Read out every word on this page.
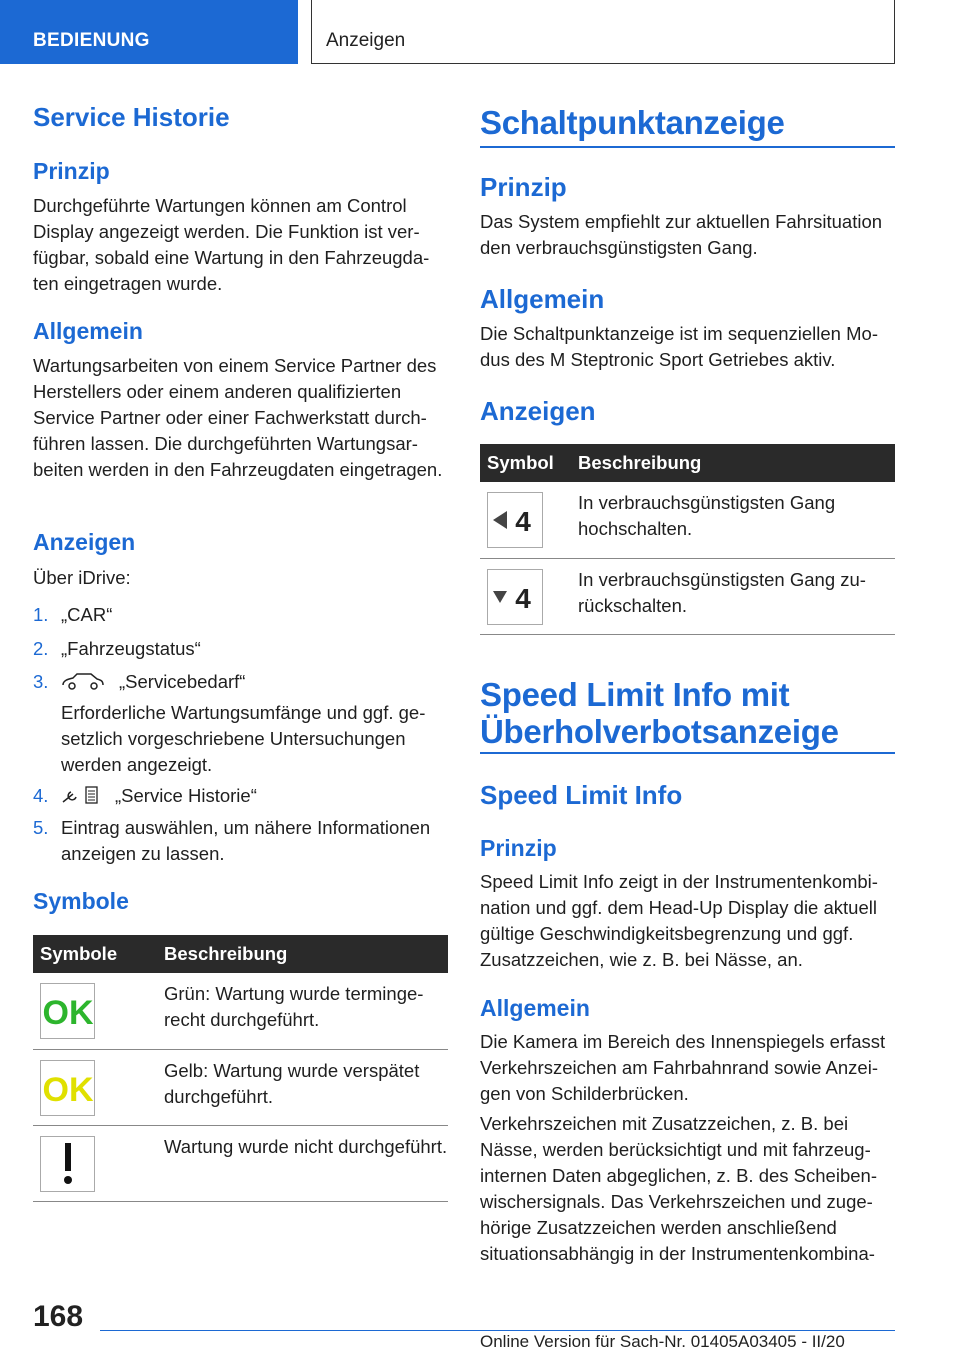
BEDIENUNG	Anzeigen
Service Historie
Prinzip
Durchgeführte Wartungen können am Control Display angezeigt werden. Die Funktion ist verfügbar, sobald eine Wartung in den Fahrzeugdaten eingetragen wurde.
Allgemein
Wartungsarbeiten von einem Service Partner des Herstellers oder einem anderen qualifizierten Service Partner oder einer Fachwerkstatt durchführen lassen. Die durchgeführten Wartungsarbeiten werden in den Fahrzeugdaten eingetragen.
Anzeigen
Über iDrive:
1. „CAR“
2. „Fahrzeugstatus“
3.	„Servicebedarf“
Erforderliche Wartungsumfänge und ggf. gesetzlich vorgeschriebene Untersuchungen werden angezeigt.
4.	„Service Historie“
5. Eintrag auswählen, um nähere Informationen anzeigen zu lassen.
Symbole
Symbole	Beschreibung

OK	Grün: Wartung wurde termingerecht durchgeführt.

OK	Gelb: Wartung wurde verspätet durchgeführt.

	Wartung wurde nicht durchgeführt.
Schaltpunktanzeige
Prinzip
Das System empfiehlt zur aktuellen Fahrsituation den verbrauchsgünstigsten Gang.
Allgemein
Die Schaltpunktanzeige ist im sequenziellen Modus des M Steptronic Sport Getriebes aktiv.
Anzeigen
Symbol	Beschreibung

4	In verbrauchsgünstigsten Gang hochschalten.

4	In verbrauchsgünstigsten Gang zurückschalten.
Speed Limit Info mit
Überholverbotsanzeige
Speed Limit Info
Prinzip
Speed Limit Info zeigt in der Instrumentenkombination und ggf. dem Head-Up Display die aktuell gültige Geschwindigkeitsbegrenzung und ggf. Zusatzzeichen, wie z. B. bei Nässe, an.
Allgemein
Die Kamera im Bereich des Innenspiegels erfasst Verkehrszeichen am Fahrbahnrand sowie Anzeigen von Schilderbrücken.
Verkehrszeichen mit Zusatzzeichen, z. B. bei Nässe, werden berücksichtigt und mit fahrzeuginternen Daten abgeglichen, z. B. des Scheibenwischersignals. Das Verkehrszeichen und zugehörige Zusatzzeichen werden anschließend situationsabhängig in der Instrumentenkombina-
168
Online Version für Sach-Nr. 01405A03405 - II/20
